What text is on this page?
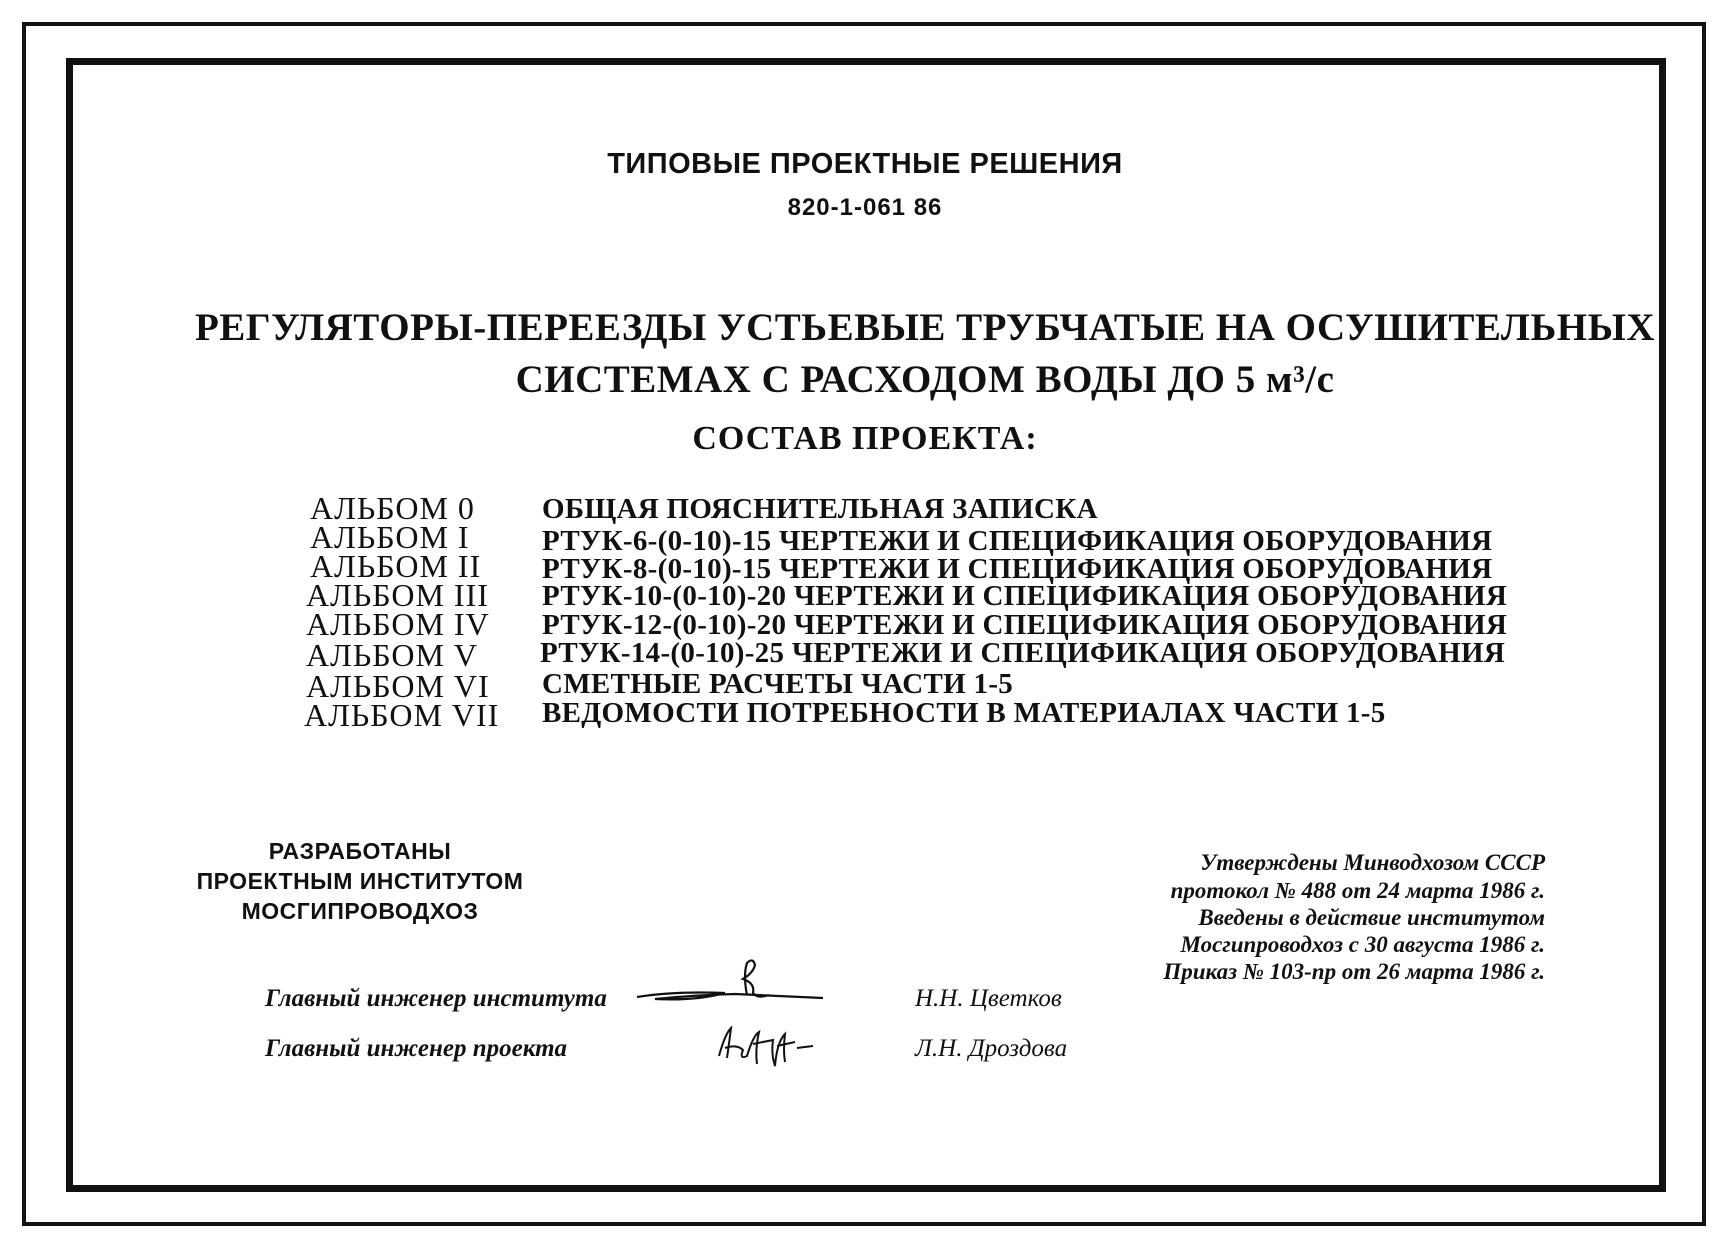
ТИПОВЫЕ ПРОЕКТНЫЕ РЕШЕНИЯ
820-1-061 86
РЕГУЛЯТОРЫ-ПЕРЕЕЗДЫ УСТЬЕВЫЕ ТРУБЧАТЫЕ НА ОСУШИТЕЛЬНЫХ
СИСТЕМАХ С РАСХОДОМ ВОДЫ ДО 5 м³/с
СОСТАВ ПРОЕКТА:
АЛЬБОМ 0 ОБЩАЯ ПОЯСНИТЕЛЬНАЯ ЗАПИСКА
АЛЬБОМ I РТУК-6-(0-10)-15 ЧЕРТЕЖИ И СПЕЦИФИКАЦИЯ ОБОРУДОВАНИЯ
АЛЬБОМ II РТУК-8-(0-10)-15 ЧЕРТЕЖИ И СПЕЦИФИКАЦИЯ ОБОРУДОВАНИЯ
АЛЬБОМ III РТУК-10-(0-10)-20 ЧЕРТЕЖИ И СПЕЦИФИКАЦИЯ ОБОРУДОВАНИЯ
АЛЬБОМ IV РТУК-12-(0-10)-20 ЧЕРТЕЖИ И СПЕЦИФИКАЦИЯ ОБОРУДОВАНИЯ
АЛЬБОМ V РТУК-14-(0-10)-25 ЧЕРТЕЖИ И СПЕЦИФИКАЦИЯ ОБОРУДОВАНИЯ
АЛЬБОМ VI СМЕТНЫЕ РАСЧЕТЫ ЧАСТИ 1-5
АЛЬБОМ VII ВЕДОМОСТИ ПОТРЕБНОСТИ В МАТЕРИАЛАХ ЧАСТИ 1-5
РАЗРАБОТАНЫ
ПРОЕКТНЫМ ИНСТИТУТОМ
МОСГИПРОВОДХОЗ
Утверждены Минводхозом СССР
протокол № 488 от 24 марта 1986 г.
Введены в действие институтом
Мосгипроводхоз с 30 августа 1986 г.
Приказ № 103-пр от 26 марта 1986 г.
Главный инженер института	Н.Н. Цветков
Главный инженер проекта	Л.Н. Дроздова
